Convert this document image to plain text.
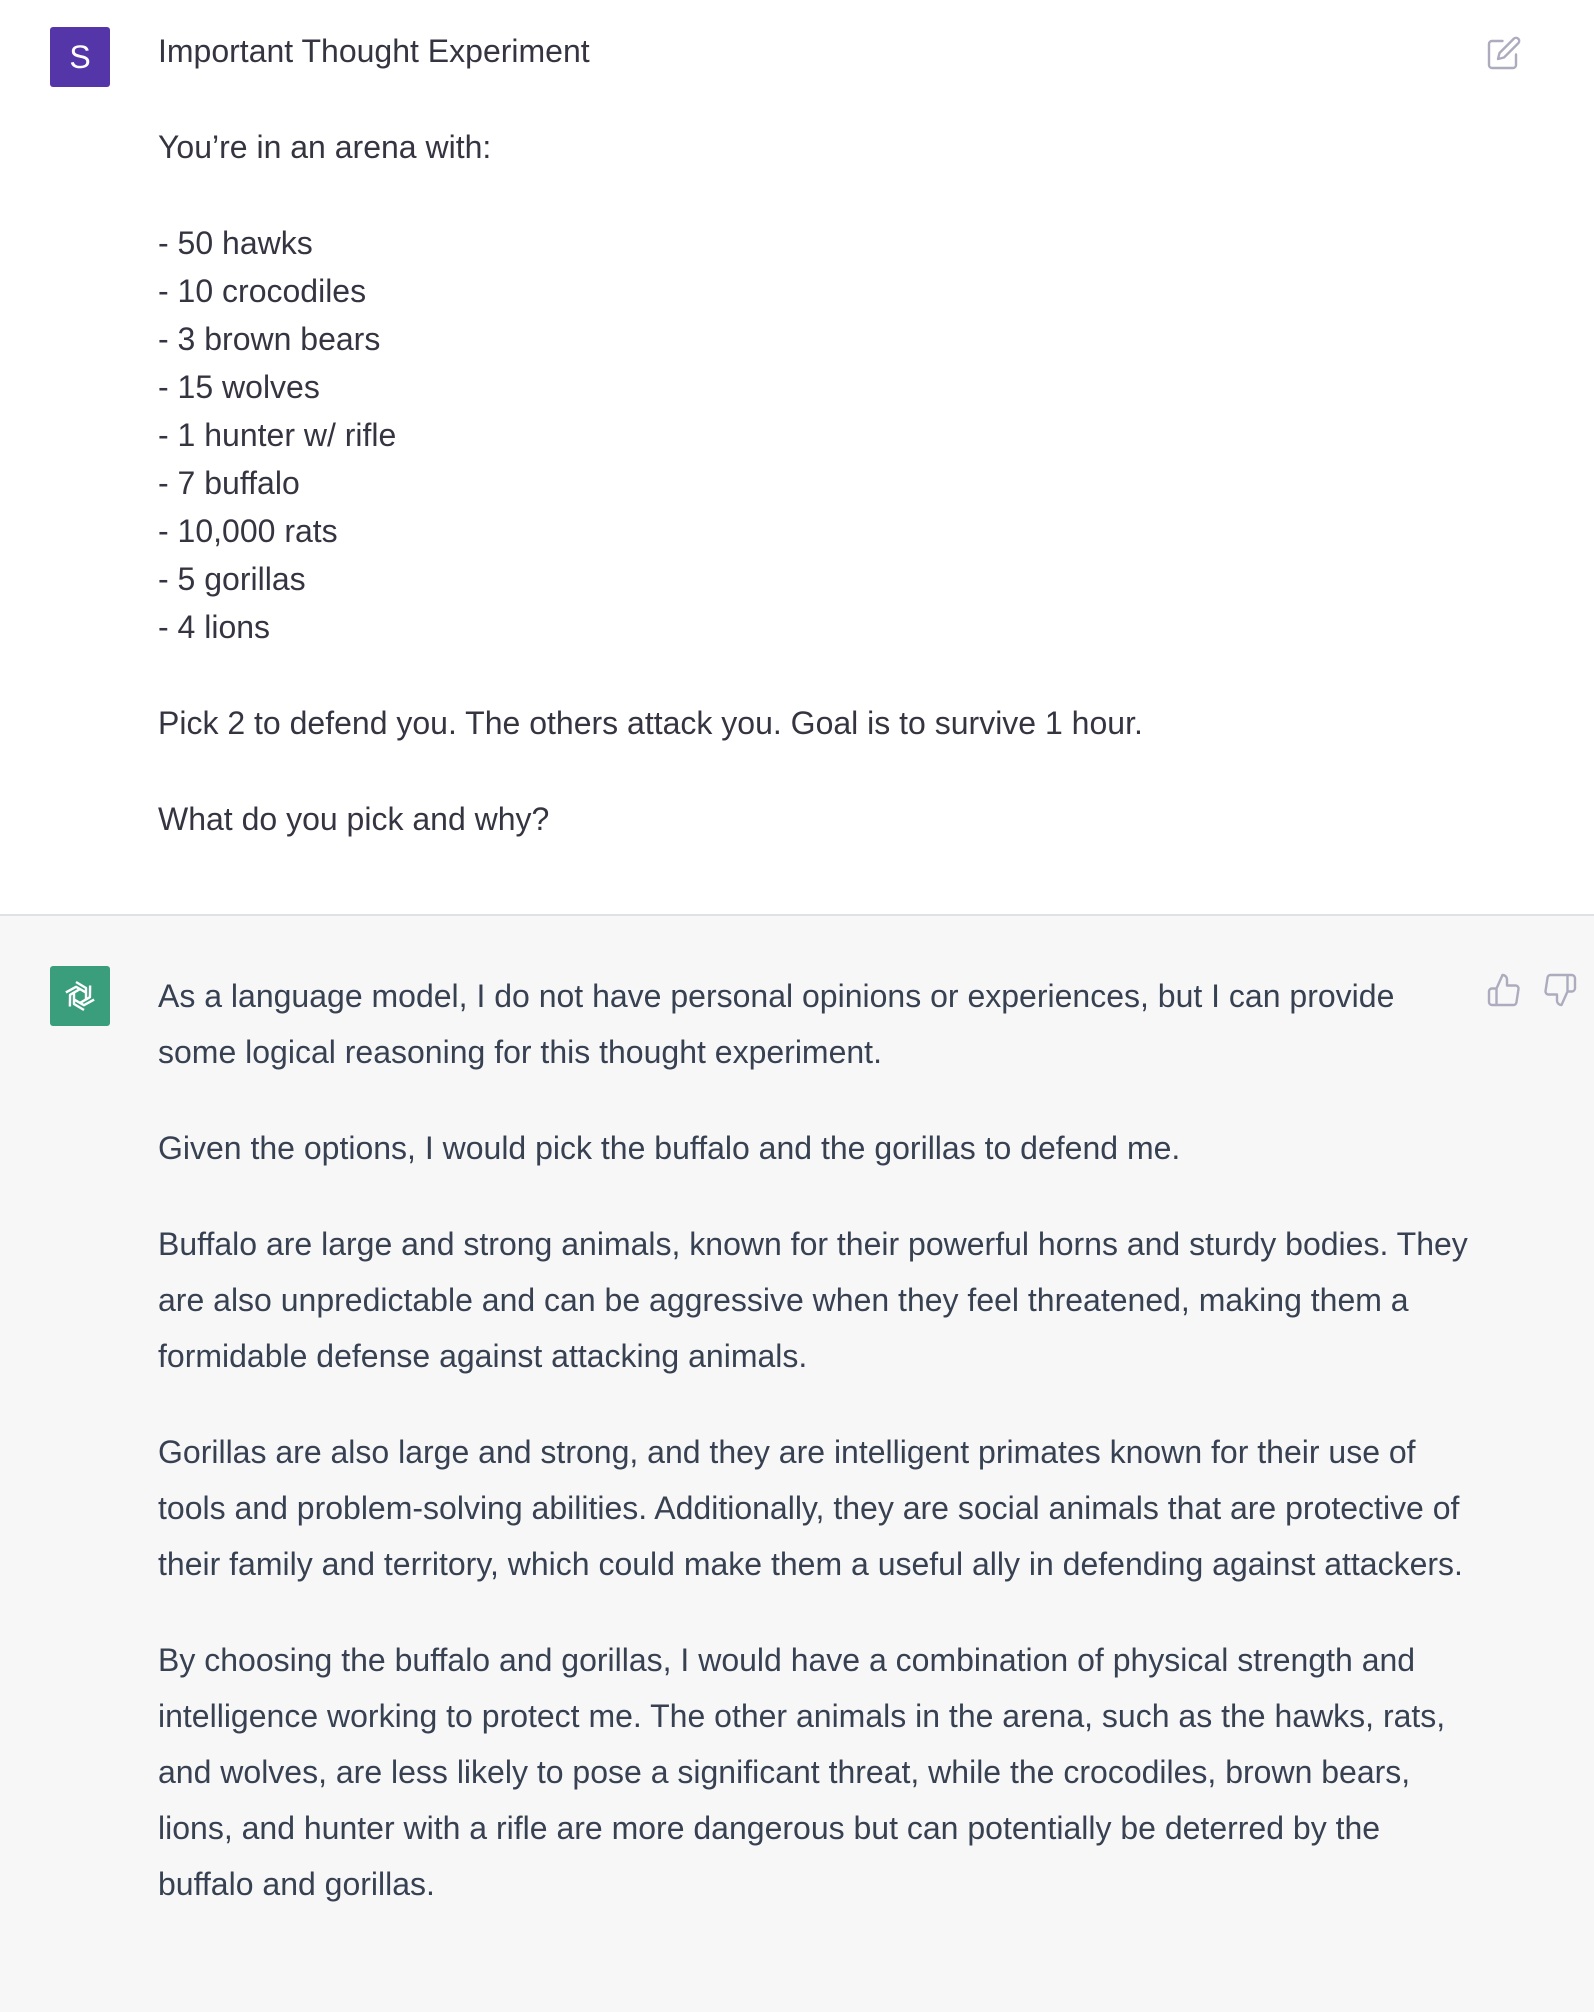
S Important Thought Experiment
You’re in an arena with:
- 50 hawks
- 10 crocodiles
- 3 brown bears
- 15 wolves
- 1 hunter w/ rifle
- 7 buffalo
- 10,000 rats
- 5 gorillas
- 4 lions
Pick 2 to defend you. The others attack you. Goal is to survive 1 hour.
What do you pick and why?

As a language model, I do not have personal opinions or experiences, but I can provide some logical reasoning for this thought experiment.

Given the options, I would pick the buffalo and the gorillas to defend me.

Buffalo are large and strong animals, known for their powerful horns and sturdy bodies. They are also unpredictable and can be aggressive when they feel threatened, making them a formidable defense against attacking animals.

Gorillas are also large and strong, and they are intelligent primates known for their use of tools and problem-solving abilities. Additionally, they are social animals that are protective of their family and territory, which could make them a useful ally in defending against attackers.

By choosing the buffalo and gorillas, I would have a combination of physical strength and intelligence working to protect me. The other animals in the arena, such as the hawks, rats, and wolves, are less likely to pose a significant threat, while the crocodiles, brown bears, lions, and hunter with a rifle are more dangerous but can potentially be deterred by the buffalo and gorillas.
